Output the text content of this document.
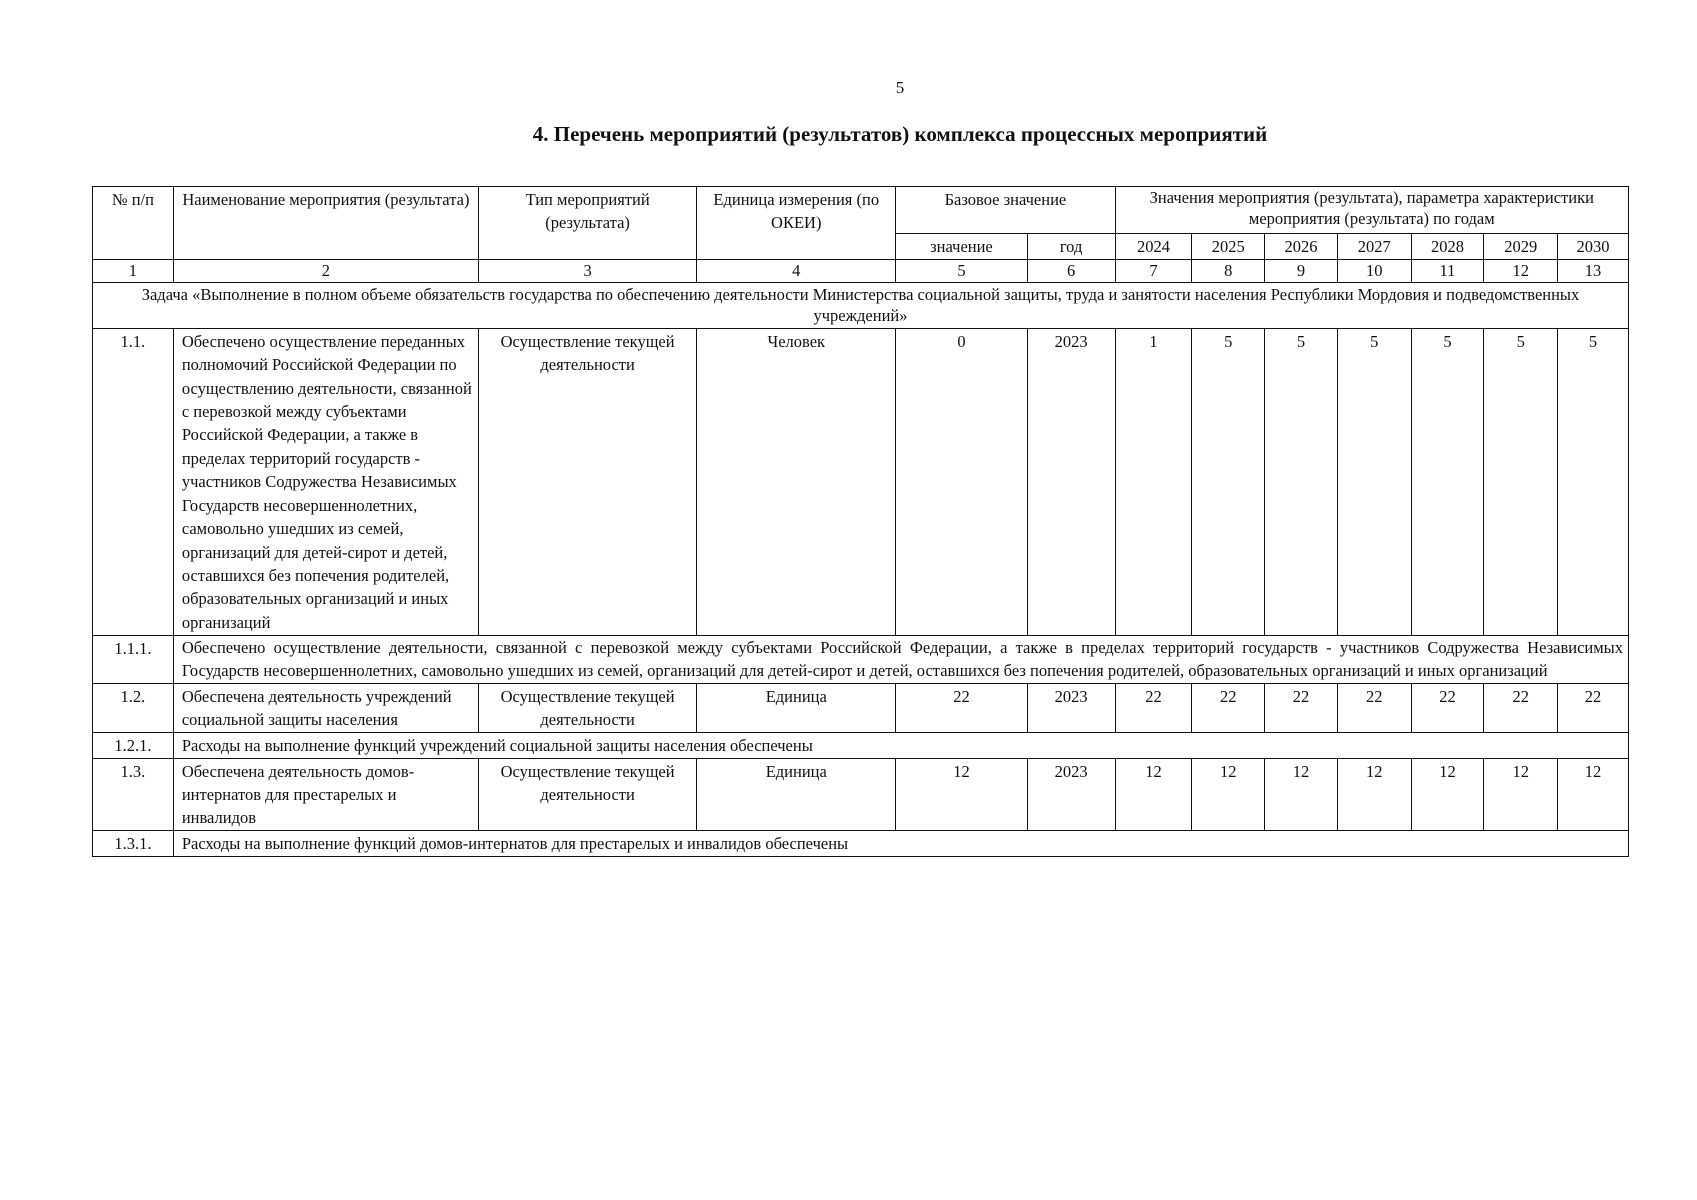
5
4. Перечень мероприятий (результатов) комплекса процессных мероприятий
№ п/п	Наименование мероприятия (результата)	Тип мероприятий (результата)	Единица измерения (по ОКЕИ)	Базовое значение		Значения мероприятия (результата), параметра характеристики мероприятия (результата) по годам						
				значение	год	2024	2025	2026	2027	2028	2029	2030
1	2	3	4	5	6	7	8	9	10	11	12	13
Задача «Выполнение в полном объеме обязательств государства по обеспечению деятельности Министерства социальной защиты, труда и занятости населения Республики Мордовия и подведомственных учреждений»												
1.1.	Обеспечено осуществление переданных полномочий Российской Федерации по осуществлению деятельности, связанной с перевозкой между субъектами Российской Федерации, а также в пределах территорий государств - участников Содружества Независимых Государств несовершеннолетних, самовольно ушедших из семей, организаций для детей-сирот и детей, оставшихся без попечения родителей, образовательных организаций и иных организаций	Осуществление текущей деятельности	Человек	0	2023	1	5	5	5	5	5	5
1.1.1.	Обеспечено осуществление деятельности, связанной с перевозкой между субъектами Российской Федерации, а также в пределах территорий государств - участников Содружества Независимых Государств несовершеннолетних, самовольно ушедших из семей, организаций для детей-сирот и детей, оставшихся без попечения родителей, образовательных организаций и иных организаций											
1.2.	Обеспечена деятельность учреждений социальной защиты населения	Осуществление текущей деятельности	Единица	22	2023	22	22	22	22	22	22	22
1.2.1.	Расходы на выполнение функций учреждений социальной защиты населения обеспечены											
1.3.	Обеспечена деятельность домов-интернатов для престарелых и инвалидов	Осуществление текущей деятельности	Единица	12	2023	12	12	12	12	12	12	12
1.3.1.	Расходы на выполнение функций домов-интернатов для престарелых и инвалидов обеспечены											
